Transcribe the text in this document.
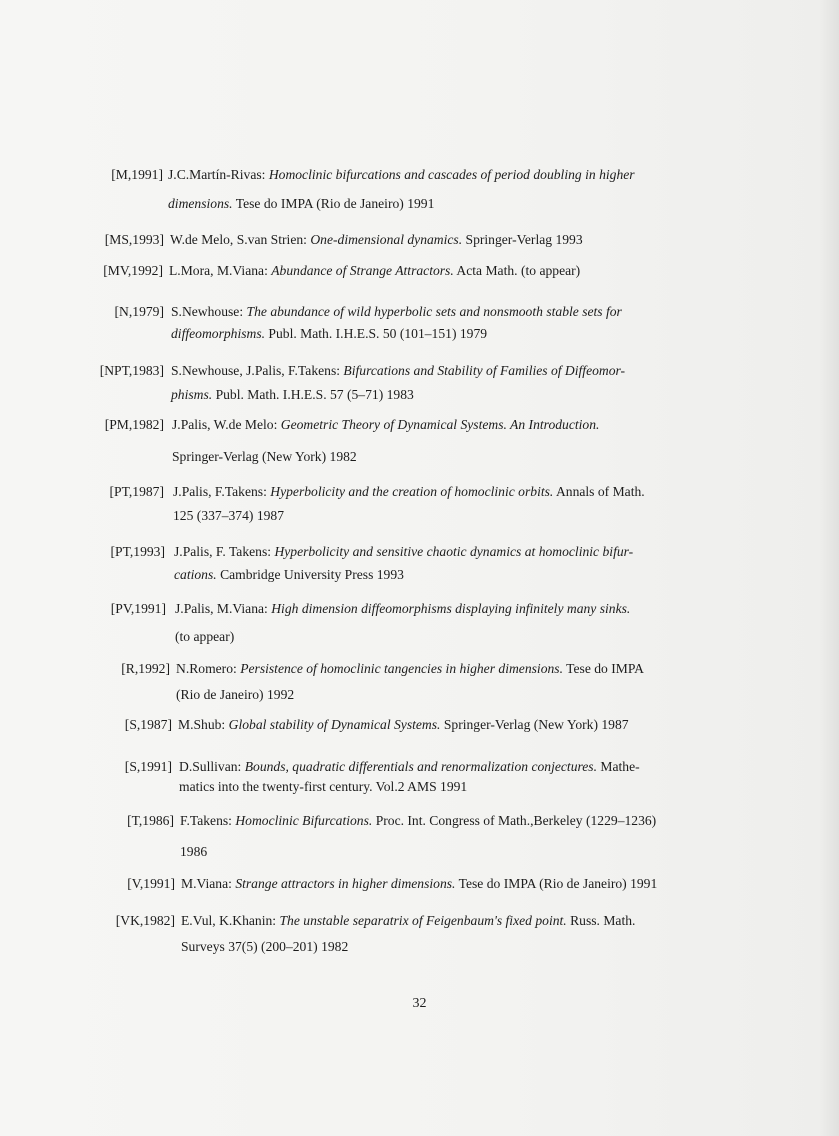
[M,1991] J.C.Martín-Rivas: Homoclinic bifurcations and cascades of period doubling in higher
dimensions. Tese do IMPA (Rio de Janeiro) 1991
[MS,1993] W.de Melo, S.van Strien: One-dimensional dynamics. Springer-Verlag 1993
[MV,1992] L.Mora, M.Viana: Abundance of Strange Attractors. Acta Math. (to appear)
[N,1979] S.Newhouse: The abundance of wild hyperbolic sets and nonsmooth stable sets for
diffeomorphisms. Publ. Math. I.H.E.S. 50 (101–151) 1979
[NPT,1983] S.Newhouse, J.Palis, F.Takens: Bifurcations and Stability of Families of Diffeomor-
phisms. Publ. Math. I.H.E.S. 57 (5–71) 1983
[PM,1982] J.Palis, W.de Melo: Geometric Theory of Dynamical Systems. An Introduction.
Springer-Verlag (New York) 1982
[PT,1987] J.Palis, F.Takens: Hyperbolicity and the creation of homoclinic orbits. Annals of Math.
125 (337–374) 1987
[PT,1993] J.Palis, F. Takens: Hyperbolicity and sensitive chaotic dynamics at homoclinic bifur-
cations. Cambridge University Press 1993
[PV,1991] J.Palis, M.Viana: High dimension diffeomorphisms displaying infinitely many sinks.
(to appear)
[R,1992] N.Romero: Persistence of homoclinic tangencies in higher dimensions. Tese do IMPA
(Rio de Janeiro) 1992
[S,1987] M.Shub: Global stability of Dynamical Systems. Springer-Verlag (New York) 1987
[S,1991] D.Sullivan: Bounds, quadratic differentials and renormalization conjectures. Mathe-
matics into the twenty-first century. Vol.2 AMS 1991
[T,1986] F.Takens: Homoclinic Bifurcations. Proc. Int. Congress of Math.,Berkeley (1229–1236)
1986
[V,1991] M.Viana: Strange attractors in higher dimensions. Tese do IMPA (Rio de Janeiro) 1991
[VK,1982] E.Vul, K.Khanin: The unstable separatrix of Feigenbaum's fixed point. Russ. Math.
Surveys 37(5) (200–201) 1982
32
